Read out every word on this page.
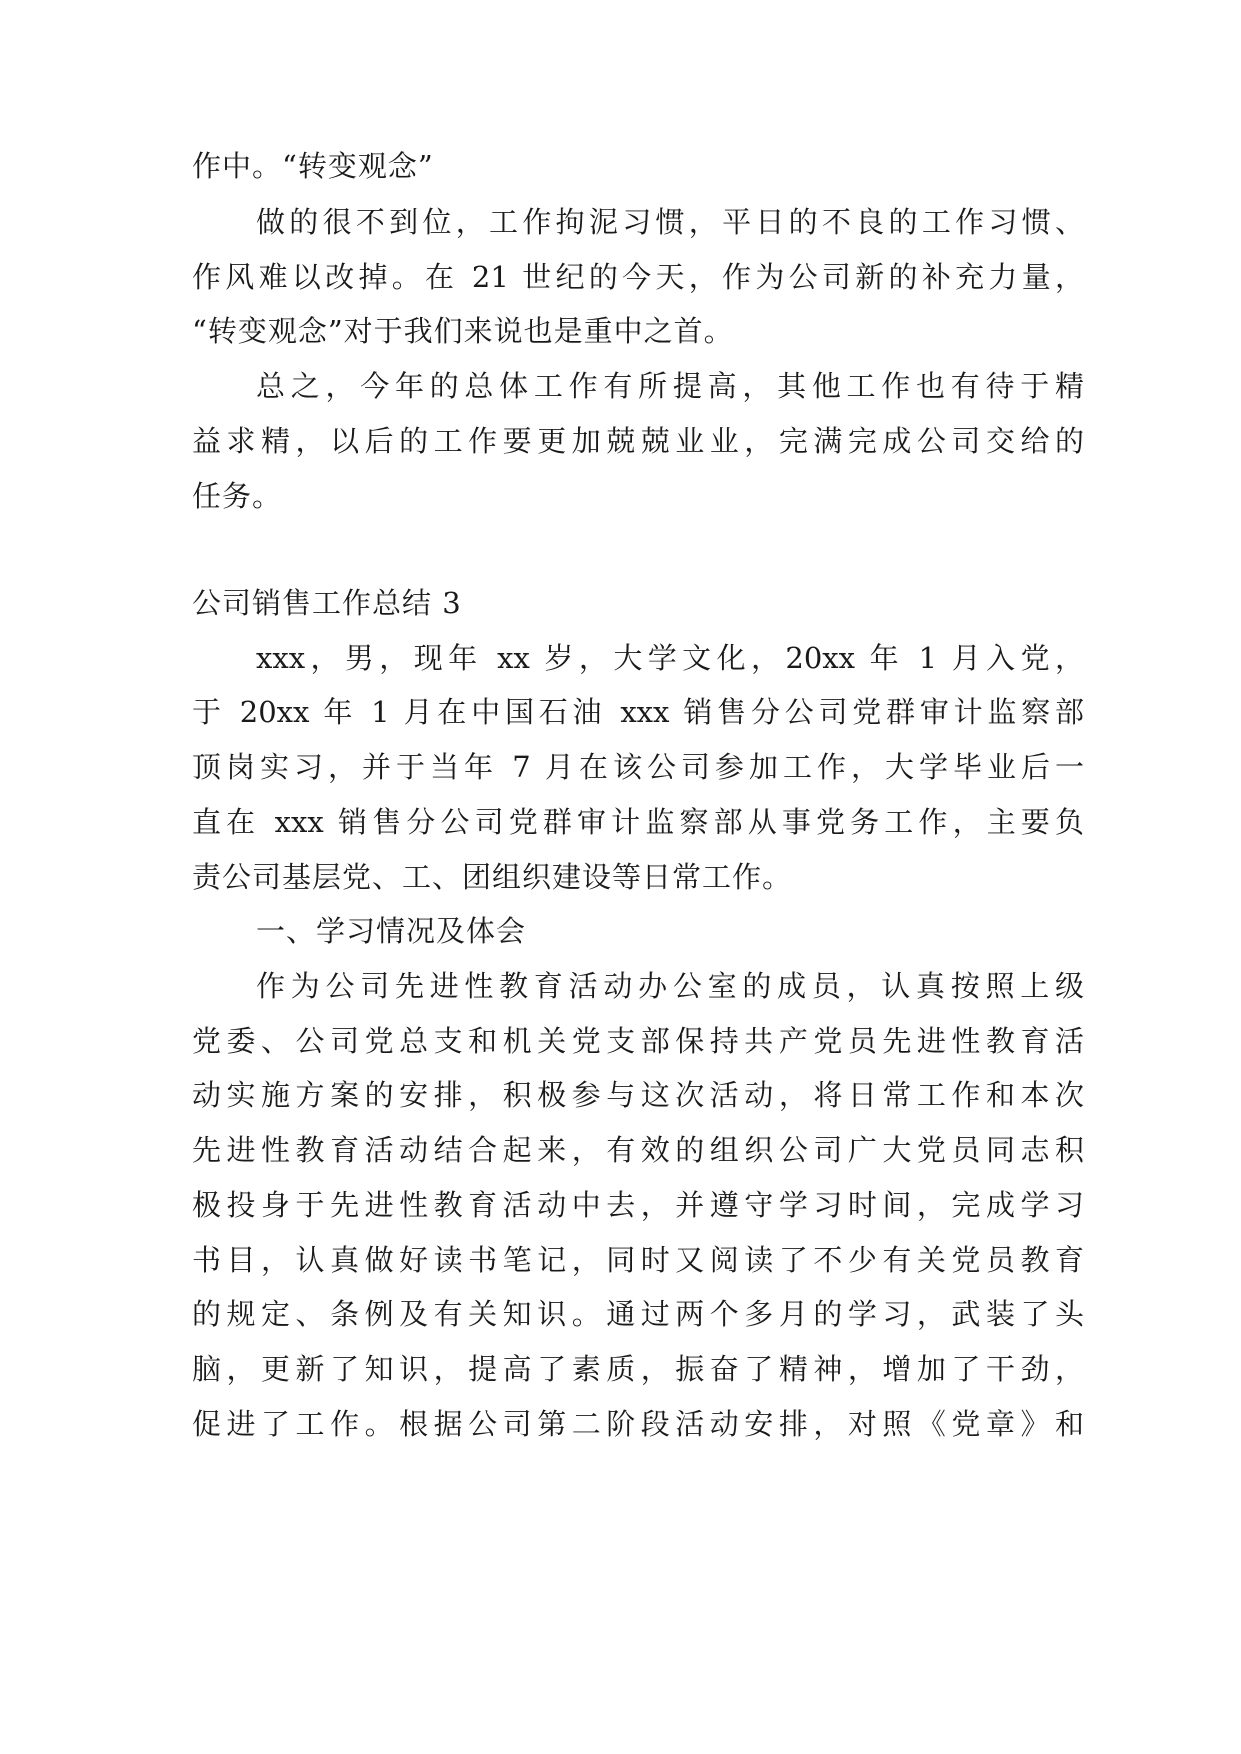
作中。“转变观念”
做的很不到位，工作拘泥习惯，平日的不良的工作习惯、
作风难以改掉。在 21 世纪的今天，作为公司新的补充力量，
“转变观念”对于我们来说也是重中之首。
总之，今年的总体工作有所提高，其他工作也有待于精
益求精，以后的工作要更加兢兢业业，完满完成公司交给的
任务。
公司销售工作总结 3
xxx，男，现年 xx 岁，大学文化，20xx 年 1 月入党，
于 20xx 年 1 月在中国石油 xxx 销售分公司党群审计监察部
顶岗实习，并于当年 7 月在该公司参加工作，大学毕业后一
直在 xxx 销售分公司党群审计监察部从事党务工作，主要负
责公司基层党、工、团组织建设等日常工作。
一、学习情况及体会
作为公司先进性教育活动办公室的成员，认真按照上级
党委、公司党总支和机关党支部保持共产党员先进性教育活
动实施方案的安排，积极参与这次活动，将日常工作和本次
先进性教育活动结合起来，有效的组织公司广大党员同志积
极投身于先进性教育活动中去，并遵守学习时间，完成学习
书目，认真做好读书笔记，同时又阅读了不少有关党员教育
的规定、条例及有关知识。通过两个多月的学习，武装了头
脑，更新了知识，提高了素质，振奋了精神，增加了干劲，
促进了工作。根据公司第二阶段活动安排，对照《党章》和
